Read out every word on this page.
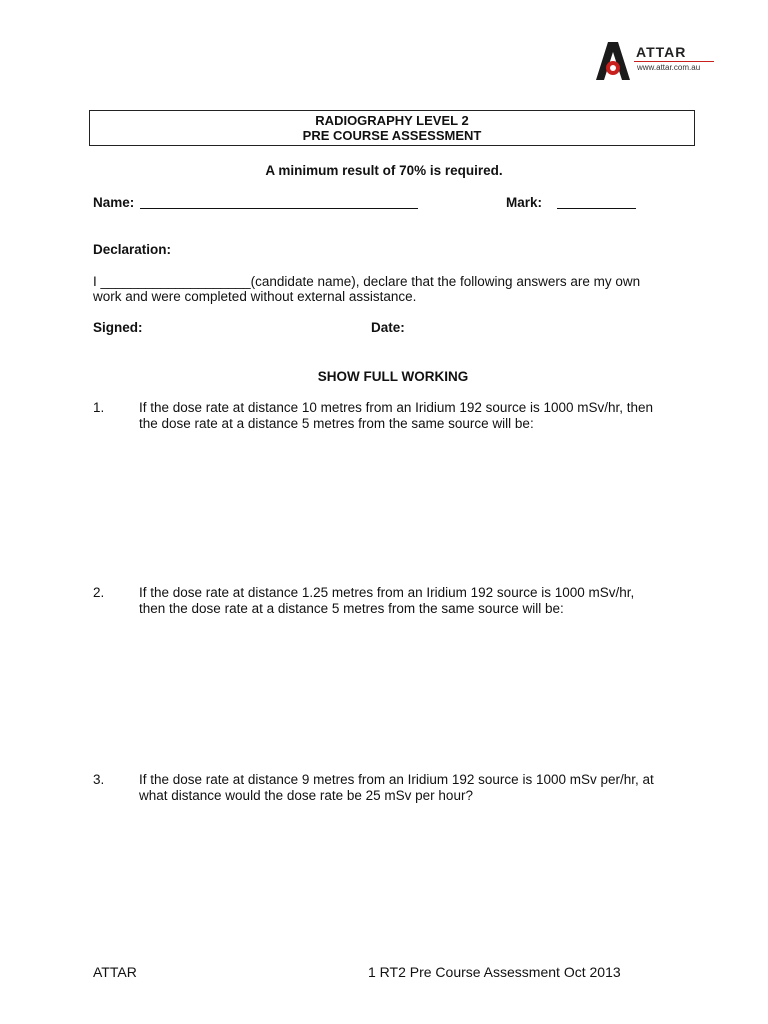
ATTAR
www.attar.com.au
RADIOGRAPHY LEVEL 2
PRE COURSE ASSESSMENT
A minimum result of 70% is required.
Name:	Mark:
Declaration:
I ____________________(candidate name), declare that the following answers are my own
work and were completed without external assistance.
Signed:	Date:
SHOW FULL WORKING
1.	If the dose rate at distance 10 metres from an Iridium 192 source is 1000 mSv/hr, then
the dose rate at a distance 5 metres from the same source will be:
2.	If the dose rate at distance 1.25 metres from an Iridium 192 source is 1000 mSv/hr,
then the dose rate at a distance 5 metres from the same source will be:
3.	If the dose rate at distance 9 metres from an Iridium 192 source is 1000 mSv per/hr, at
what distance would the dose rate be 25 mSv per hour?
ATTAR	1 RT2 Pre Course Assessment Oct 2013
